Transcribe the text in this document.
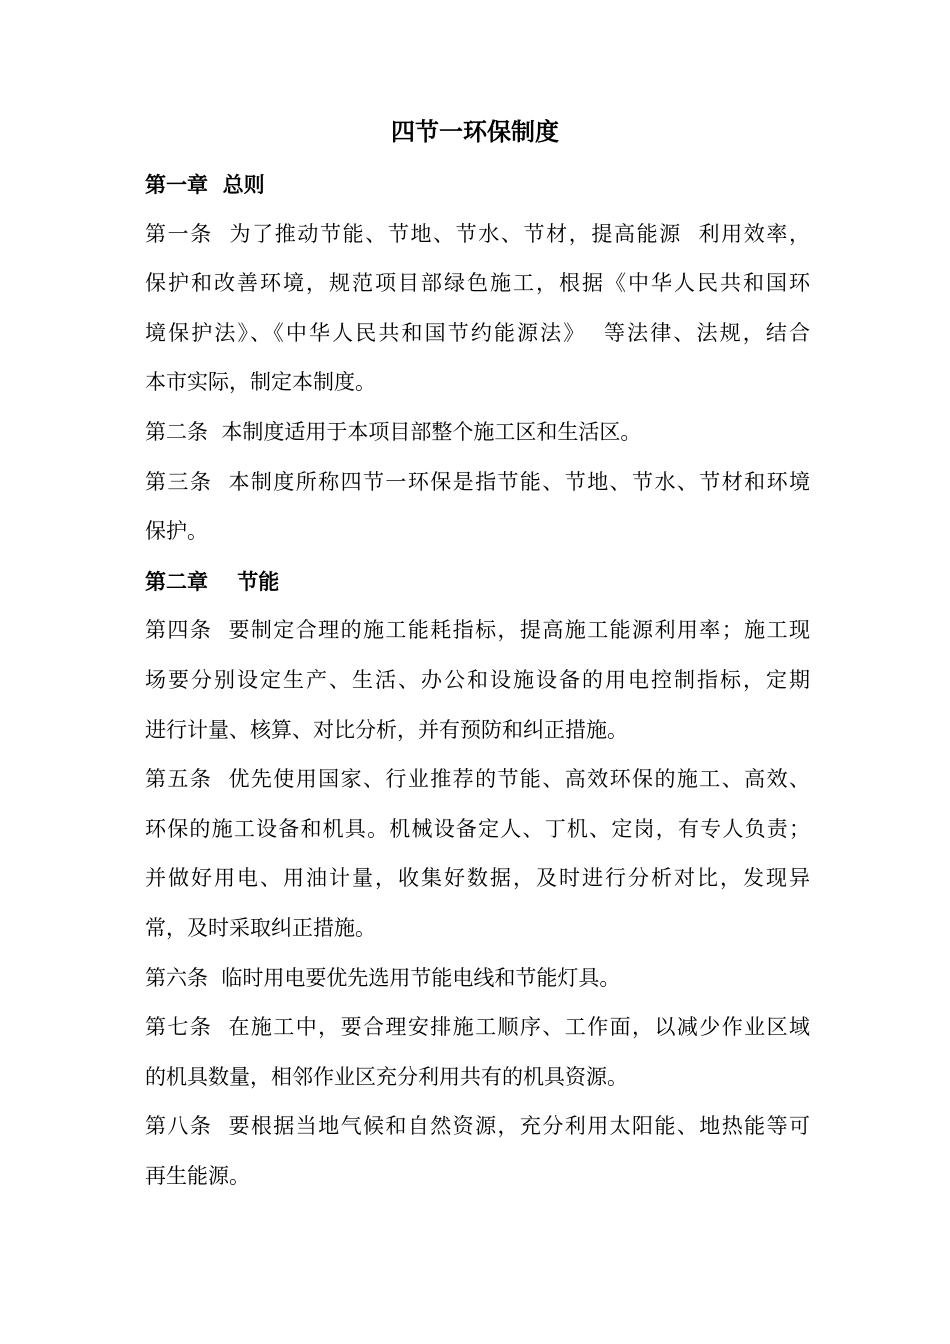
四节一环保制度

第一章  总则

第一条  为了推动节能、节地、节水、节材，提高能源  利用效率，
保护和改善环境，规范项目部绿色施工，根据《中华人民共和国环
境保护法》、《中华人民共和国节约能源法》  等法律、法规，结合
本市实际，制定本制度。

第二条  本制度适用于本项目部整个施工区和生活区。

第三条  本制度所称四节一环保是指节能、节地、节水、节材和环境
保护。

第二章    节能

第四条  要制定合理的施工能耗指标，提高施工能源利用率；施工现
场要分别设定生产、生活、办公和设施设备的用电控制指标，定期
进行计量、核算、对比分析，并有预防和纠正措施。

第五条  优先使用国家、行业推荐的节能、高效环保的施工、高效、
环保的施工设备和机具。机械设备定人、丁机、定岗，有专人负责；
并做好用电、用油计量，收集好数据，及时进行分析对比，发现异
常，及时采取纠正措施。

第六条  临时用电要优先选用节能电线和节能灯具。

第七条  在施工中，要合理安排施工顺序、工作面，以减少作业区域
的机具数量，相邻作业区充分利用共有的机具资源。

第八条  要根据当地气候和自然资源，充分利用太阳能、地热能等可
再生能源。
